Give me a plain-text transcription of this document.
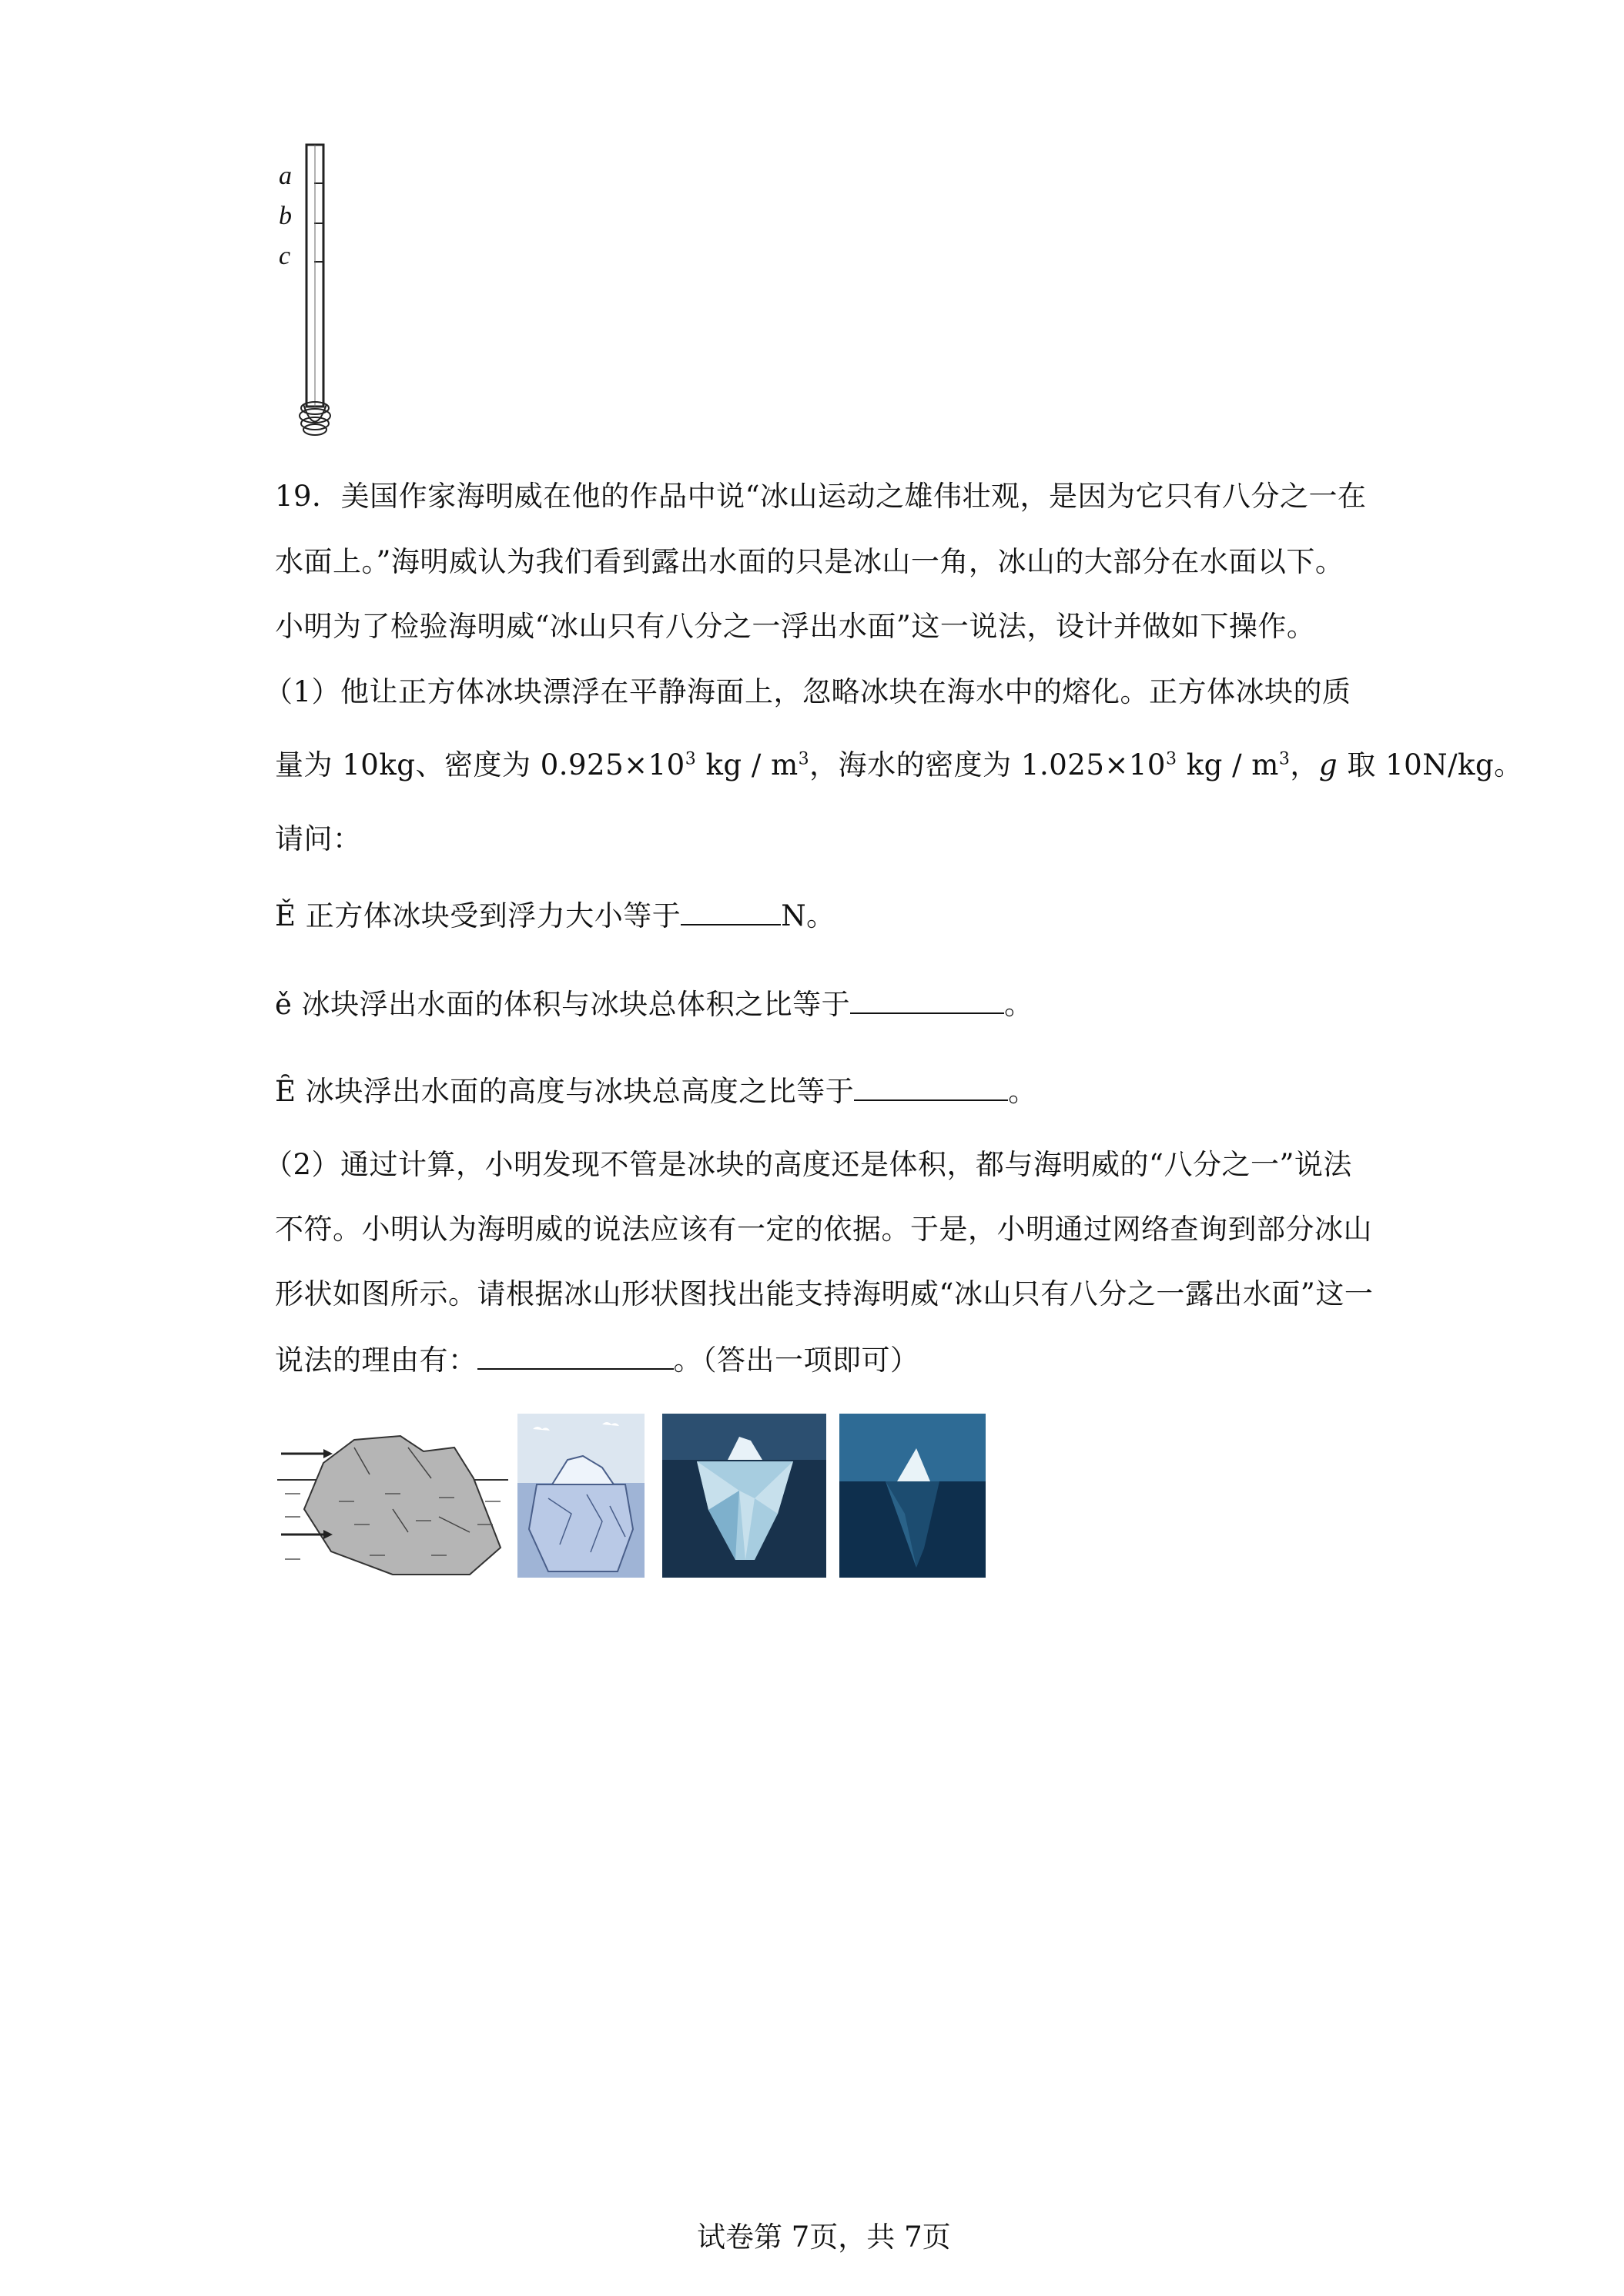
a
b
c
19．美国作家海明威在他的作品中说“冰山运动之雄伟壮观，是因为它只有八分之一在
水面上。”海明威认为我们看到露出水面的只是冰山一角，冰山的大部分在水面以下。
小明为了检验海明威“冰山只有八分之一浮出水面”这一说法，设计并做如下操作。
（1）他让正方体冰块漂浮在平静海面上，忽略冰块在海水中的熔化。正方体冰块的质
量为 10kg、密度为 $0.925\times 10^3$ kg / $m^3$，海水的密度为 $1.025\times 10^3$ kg / $m^3$，g 取 10N/kg。
请问：
Ě 正方体冰块受到浮力大小等于	N。
ě 冰块浮出水面的体积与冰块总体积之比等于	。
Ȇ 冰块浮出水面的高度与冰块总高度之比等于	。
（2）通过计算，小明发现不管是冰块的高度还是体积，都与海明威的“八分之一”说法
不符。小明认为海明威的说法应该有一定的依据。于是，小明通过网络查询到部分冰山
形状如图所示。请根据冰山形状图找出能支持海明威“冰山只有八分之一露出水面”这一
说法的理由有：	。（答出一项即可）
试卷第 7页，共 7页
